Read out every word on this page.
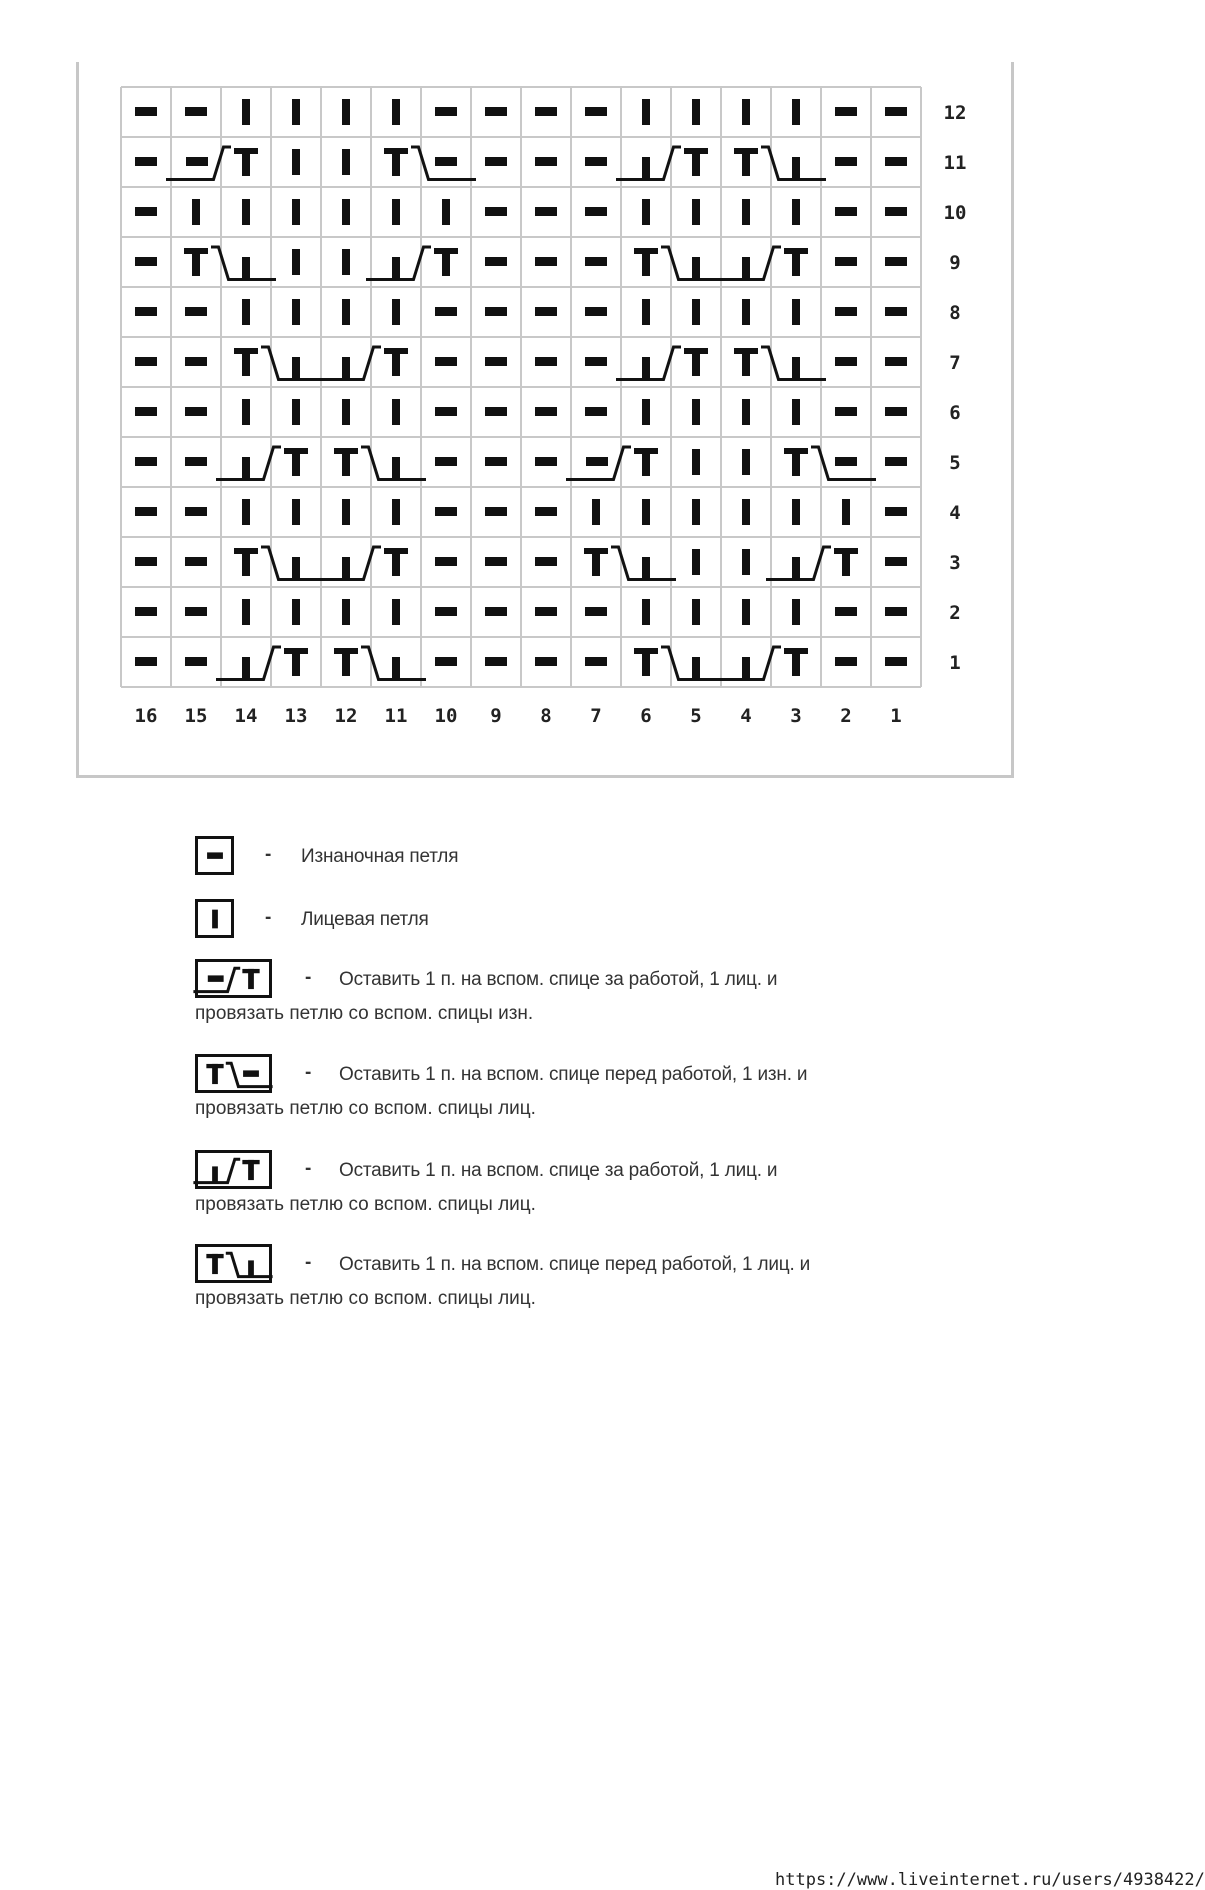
1
2
3
4
5
6
7
8
9
10
11
12
16 15 14 13 12 11 10 9 8 7 6 5 4 3 2 1
- Изнаночная петля
- Лицевая петля
- Оставить 1 п. на вспом. спице за работой, 1 лиц. и
провязать петлю со вспом. спицы изн.
- Оставить 1 п. на вспом. спице перед работой, 1 изн. и
провязать петлю со вспом. спицы лиц.
- Оставить 1 п. на вспом. спице за работой, 1 лиц. и
провязать петлю со вспом. спицы лиц.
- Оставить 1 п. на вспом. спице перед работой, 1 лиц. и
провязать петлю со вспом. спицы лиц.
https://www.liveinternet.ru/users/4938422/
